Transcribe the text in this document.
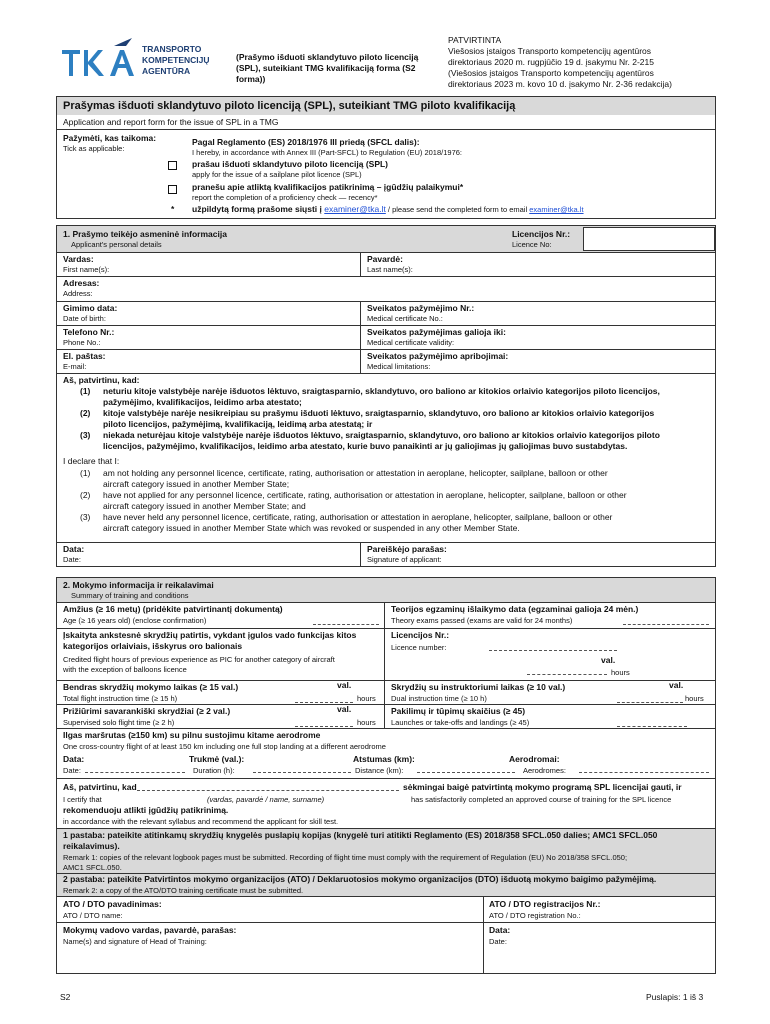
TRANSPORTO
KOMPETENCIJŲ
AGENTŪRA
(Prašymo išduoti sklandytuvo piloto licenciją
(SPL), suteikiant TMG kvalifikaciją forma (S2
forma))
PATVIRTINTA
Viešosios įstaigos Transporto kompetencijų agentūros
direktoriaus 2020 m. rugpjūčio 19 d. įsakymu Nr. 2-215
(Viešosios įstaigos Transporto kompetencijų agentūros
direktoriaus 2023 m. kovo 10 d. įsakymo Nr. 2-36 redakcija)
Prašymas išduoti sklandytuvo piloto licenciją (SPL), suteikiant TMG piloto kvalifikaciją
Application and report form for the issue of SPL in a TMG
Pažymėti, kas taikoma:
Tick as applicable:
Pagal Reglamento (ES) 2018/1976 III priedą (SFCL dalis):
I hereby, in accordance with Annex III (Part-SFCL) to Regulation (EU) 2018/1976:
prašau išduoti sklandytuvo piloto licenciją (SPL)
apply for the issue of a sailplane pilot licence (SPL)
pranešu apie atliktą kvalifikacijos patikrinimą – įgūdžių palaikymui*
report the completion of a proficiency check — recency*
* užpildytą formą prašome siųsti į examiner@tka.lt / please send the completed form to email examiner@tka.lt
1. Prašymo teikėjo asmeninė informacija
Applicant's personal details
Licencijos Nr.:
Licence No:
Vardas:
First name(s):
Pavardė:
Last name(s):
Adresas:
Address:
Gimimo data:
Date of birth:
Sveikatos pažymėjimo Nr.:
Medical certificate No.:
Telefono Nr.:
Phone No.:
Sveikatos pažymėjimas galioja iki:
Medical certificate validity:
El. paštas:
E-mail:
Sveikatos pažymėjimo apribojimai:
Medical limitations:
Aš, patvirtinu, kad:
(1) neturiu kitoje valstybėje narėje išduotos lėktuvo, sraigtasparnio, sklandytuvo, oro baliono ar kitokios orlaivio kategorijos piloto licencijos,
pažymėjimo, kvalifikacijos, leidimo arba atestato;
(2) kitoje valstybėje narėje nesikreipiau su prašymu išduoti lėktuvo, sraigtasparnio, sklandytuvo, oro baliono ar kitokios orlaivio kategorijos
piloto licencijos, pažymėjimą, kvalifikaciją, leidimą arba atestatą; ir
(3) niekada neturėjau kitoje valstybėje narėje išduotos lėktuvo, sraigtasparnio, sklandytuvo, oro baliono ar kitokios orlaivio kategorijos piloto
licencijos, pažymėjimo, kvalifikacijos, leidimo arba atestato, kurie buvo panaikinti ar jų galiojimas jų galiojimas buvo sustabdytas.
I declare that I:
(1) am not holding any personnel licence, certificate, rating, authorisation or attestation in aeroplane, helicopter, sailplane, balloon or other
aircraft category issued in another Member State;
(2) have not applied for any personnel licence, certificate, rating, authorisation or attestation in aeroplane, helicopter, sailplane, balloon or other
aircraft category issued in another Member State; and
(3) have never held any personnel licence, certificate, rating, authorisation or attestation in aeroplane, helicopter, sailplane, balloon or other
aircraft category issued in another Member State which was revoked or suspended in any other Member State.
Data:
Date:
Pareiškėjo parašas:
Signature of applicant:
2. Mokymo informacija ir reikalavimai
Summary of training and conditions
Amžius (≥ 16 metų) (pridėkite patvirtinantį dokumentą)
Age (≥ 16 years old) (enclose confirmation)
Teorijos egzaminų išlaikymo data (egzaminai galioja 24 mėn.)
Theory exams passed (exams are valid for 24 months)
Įskaityta ankstesnė skrydžių patirtis, vykdant įgulos vado funkcijas kitos
kategorijos orlaiviais, išskyrus oro balionais
Credited flight hours of previous experience as PIC for another category of aircraft
with the exception of balloons licence
Licencijos Nr.:
Licence number:
val.
hours
Bendras skrydžių mokymo laikas (≥ 15 val.)	val.
Total flight instruction time (≥ 15 h)	hours
Skrydžių su instruktoriumi laikas (≥ 10 val.)	val.
Dual instruction time (≥ 10 h)	hours
Prižiūrimi savarankiški skrydžiai (≥ 2 val.)	val.
Supervised solo flight time (≥ 2 h)	hours
Pakilimų ir tūpimų skaičius (≥ 45)
Launches or take-offs and landings (≥ 45)
Ilgas maršrutas (≥150 km) su pilnu sustojimu kitame aerodrome
One cross-country flight of at least 150 km including one full stop landing at a different aerodrome
Data:
Date:
Trukmė (val.):
Duration (h):
Atstumas (km):
Distance (km):
Aerodromai:
Aerodromes:
Aš, patvirtinu, kad	sėkmingai baigė patvirtintą mokymo programą SPL licencijai gauti, ir
I certify that	(vardas, pavardė / name, surname)	has satisfactorily completed an approved course of training for the SPL licence
rekomenduoju atlikti įgūdžių patikrinimą.
in accordance with the relevant syllabus and recommend the applicant for skill test.
1 pastaba: pateikite atitinkamų skrydžių knygelės puslapių kopijas (knygelė turi atitikti Reglamento (ES) 2018/358 SFCL.050 dalies; AMC1 SFCL.050
reikalavimus).
Remark 1: copies of the relevant logbook pages must be submitted. Recording of flight time must comply with the requirement of Regulation (EU) No 2018/358 SFCL.050;
AMC1 SFCL.050.
2 pastaba: pateikite Patvirtintos mokymo organizacijos (ATO) / Deklaruotosios mokymo organizacijos (DTO) išduotą mokymo baigimo pažymėjimą.
Remark 2: a copy of the ATO/DTO training certificate must be submitted.
ATO / DTO pavadinimas:
ATO / DTO name:
ATO / DTO registracijos Nr.:
ATO / DTO registration No.:
Mokymų vadovo vardas, pavardė, parašas:
Name(s) and signature of Head of Training:
Data:
Date:
S2	Puslapis: 1 iš 3
